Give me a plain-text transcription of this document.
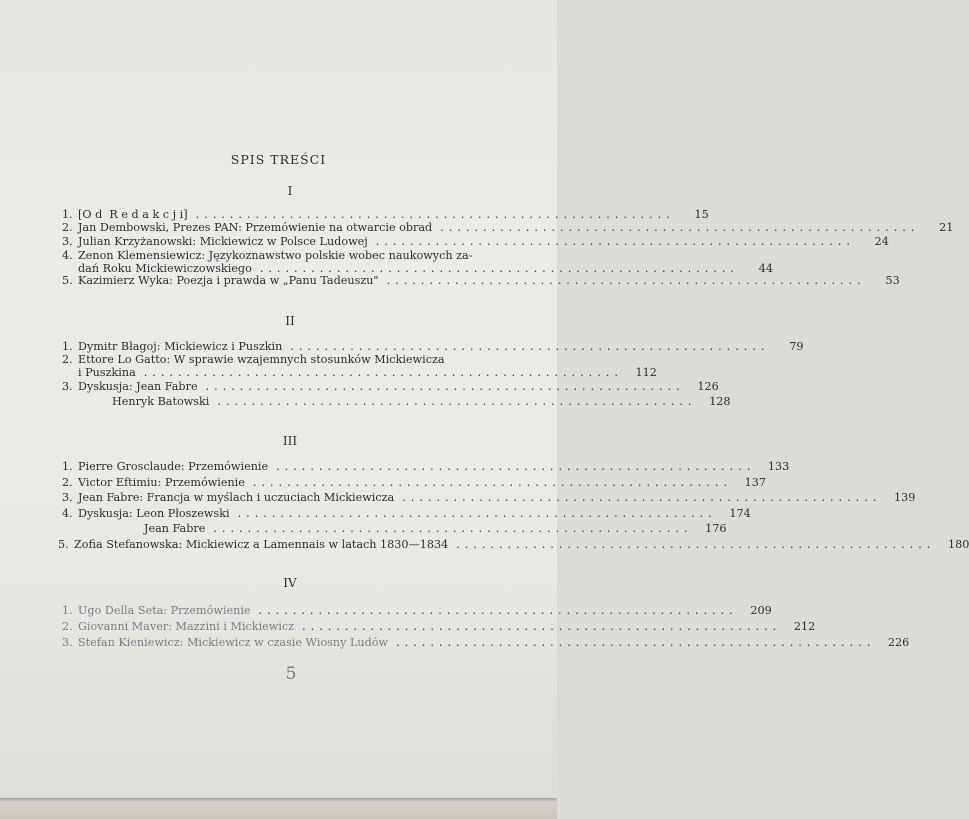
SPIS TREŚCI
I
1. [O d  R e d a k c j i] ........................................................	15
2. Jan Dembowski, Prezes PAN: Przemówienie na otwarcie obrad ........................................................	21
3. Julian Krzyżanowski: Mickiewicz w Polsce Ludowej ........................................................	24
4. Zenon Klemensiewicz: Językoznawstwo polskie wobec naukowych za-
dań Roku Mickiewiczowskiego ........................................................	44
5. Kazimierz Wyka: Poezja i prawda w „Panu Tadeuszu" ........................................................	53
II
1. Dymitr Błagoj: Mickiewicz i Puszkin ........................................................	79
2. Ettore Lo Gatto: W sprawie wzajemnych stosunków Mickiewicza
i Puszkina ........................................................	112
3. Dyskusja: Jean Fabre ........................................................	126
Henryk Batowski ........................................................	128
III
1. Pierre Grosclaude: Przemówienie ........................................................	133
2. Victor Eftimiu: Przemówienie ........................................................	137
3. Jean Fabre: Francja w myślach i uczuciach Mickiewicza ........................................................	139
4. Dyskusja: Leon Płoszewski ........................................................	174
Jean Fabre ........................................................	176
5. Zofia Stefanowska: Mickiewicz a Lamennais w latach 1830—1834 ........................................................	180
IV
1. Ugo Della Seta: Przemówienie ........................................................	209
2. Giovanni Maver: Mazzini i Mickiewicz ........................................................	212
3. Stefan Kieniewicz: Mickiewicz w czasie Wiosny Ludów ........................................................	226
5
